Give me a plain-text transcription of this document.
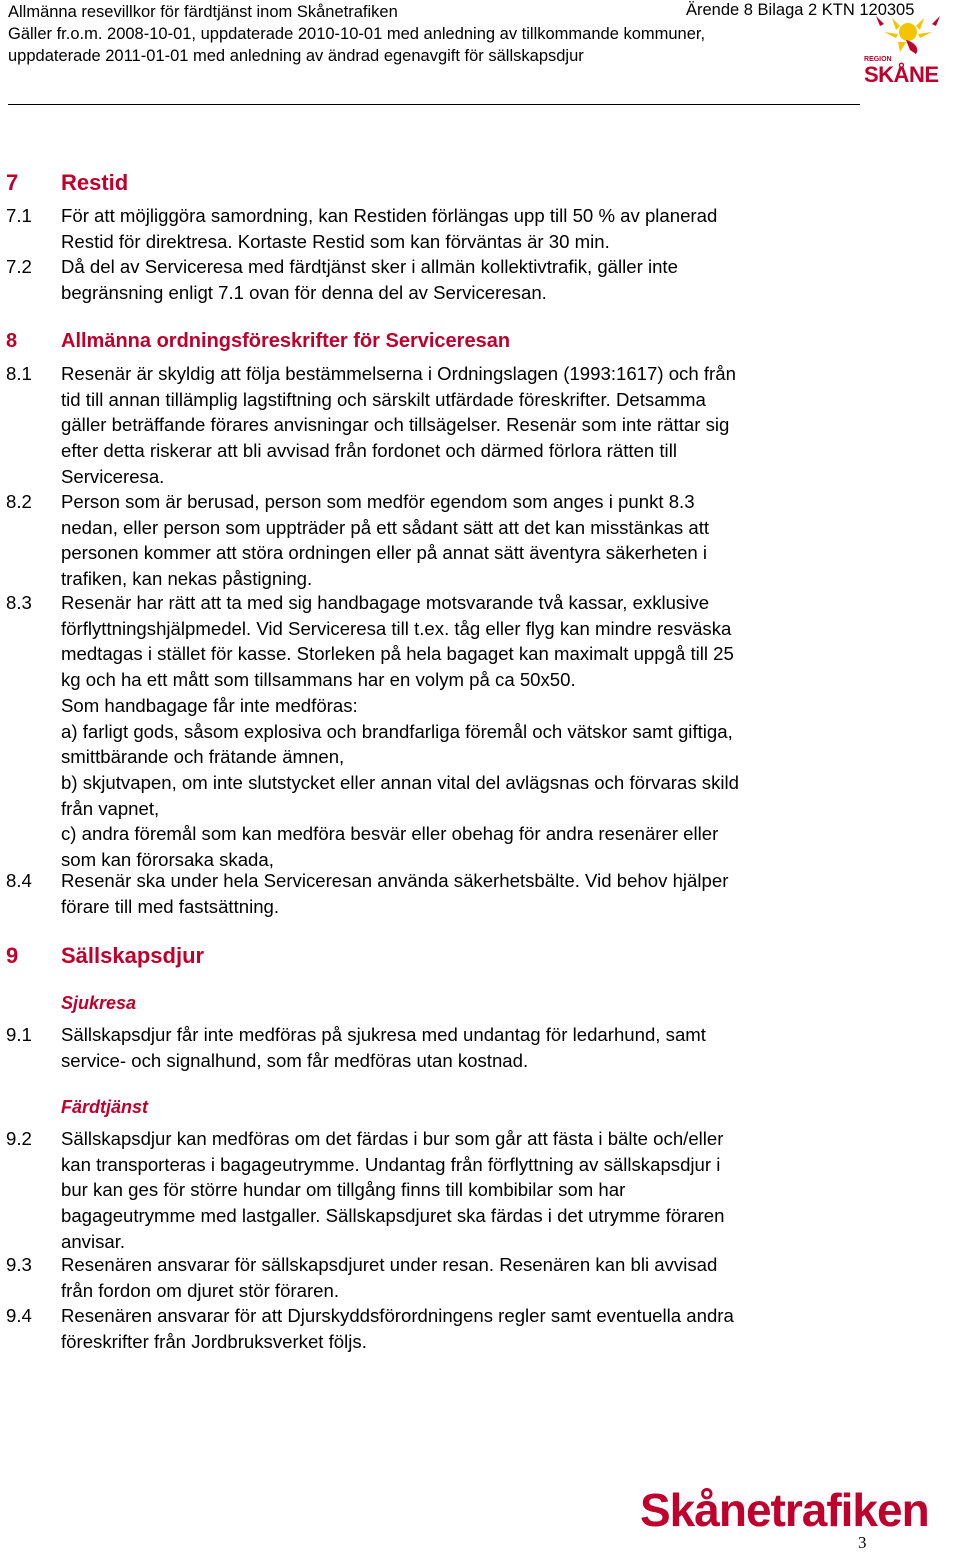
Allmänna resevillkor för färdtjänst inom Skånetrafiken
Gäller fr.o.m. 2008-10-01, uppdaterade 2010-10-01 med anledning av tillkommande kommuner,
uppdaterade 2011-01-01 med anledning av ändrad egenavgift för sällskapsdjur
Ärende 8 Bilaga 2 KTN 120305
REGION
SKÅNE
7 Restid
7.1 För att möjliggöra samordning, kan Restiden förlängas upp till 50 % av planerad
Restid för direktresa. Kortaste Restid som kan förväntas är 30 min.
7.2 Då del av Serviceresa med färdtjänst sker i allmän kollektivtrafik, gäller inte
begränsning enligt 7.1 ovan för denna del av Serviceresan.
8 Allmänna ordningsföreskrifter för Serviceresan
8.1 Resenär är skyldig att följa bestämmelserna i Ordningslagen (1993:1617) och från
tid till annan tillämplig lagstiftning och särskilt utfärdade föreskrifter. Detsamma
gäller beträffande förares anvisningar och tillsägelser. Resenär som inte rättar sig
efter detta riskerar att bli avvisad från fordonet och därmed förlora rätten till
Serviceresa.
8.2 Person som är berusad, person som medför egendom som anges i punkt 8.3
nedan, eller person som uppträder på ett sådant sätt att det kan misstänkas att
personen kommer att störa ordningen eller på annat sätt äventyra säkerheten i
trafiken, kan nekas påstigning.
8.3 Resenär har rätt att ta med sig handbagage motsvarande två kassar, exklusive
förflyttningshjälpmedel. Vid Serviceresa till t.ex. tåg eller flyg kan mindre resväska
medtagas i stället för kasse. Storleken på hela bagaget kan maximalt uppgå till 25
kg och ha ett mått som tillsammans har en volym på ca 50x50.
Som handbagage får inte medföras:
a) farligt gods, såsom explosiva och brandfarliga föremål och vätskor samt giftiga,
smittbärande och frätande ämnen,
b) skjutvapen, om inte slutstycket eller annan vital del avlägsnas och förvaras skild
från vapnet,
c) andra föremål som kan medföra besvär eller obehag för andra resenärer eller
som kan förorsaka skada,
8.4 Resenär ska under hela Serviceresan använda säkerhetsbälte. Vid behov hjälper
förare till med fastsättning.
9 Sällskapsdjur
Sjukresa
9.1 Sällskapsdjur får inte medföras på sjukresa med undantag för ledarhund, samt
service- och signalhund, som får medföras utan kostnad.
Färdtjänst
9.2 Sällskapsdjur kan medföras om det färdas i bur som går att fästa i bälte och/eller
kan transporteras i bagageutrymme. Undantag från förflyttning av sällskapsdjur i
bur kan ges för större hundar om tillgång finns till kombibilar som har
bagageutrymme med lastgaller. Sällskapsdjuret ska färdas i det utrymme föraren
anvisar.
9.3 Resenären ansvarar för sällskapsdjuret under resan. Resenären kan bli avvisad
från fordon om djuret stör föraren.
9.4 Resenären ansvarar för att Djurskyddsförordningens regler samt eventuella andra
föreskrifter från Jordbruksverket följs.
Skånetrafiken
3
